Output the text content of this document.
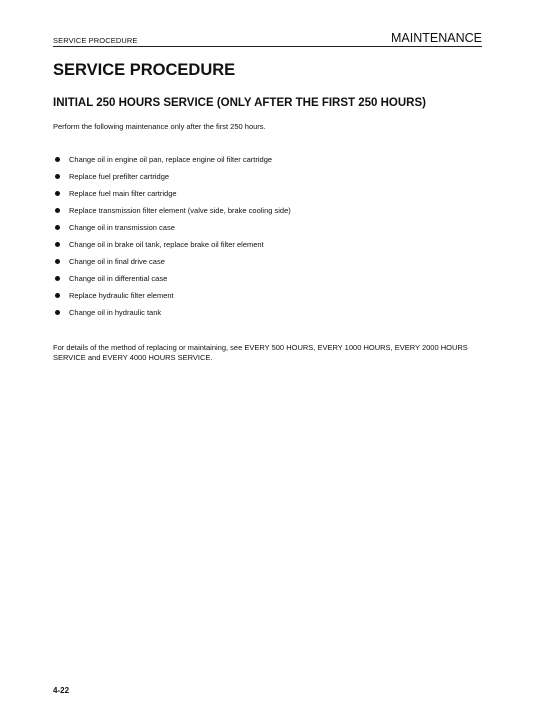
SERVICE PROCEDURE	MAINTENANCE
SERVICE PROCEDURE
INITIAL 250 HOURS SERVICE (ONLY AFTER THE FIRST 250 HOURS)

Perform the following maintenance only after the first 250 hours.

Change oil in engine oil pan, replace engine oil filter cartridge
Replace fuel prefilter cartridge
Replace fuel main filter cartridge
Replace transmission filter element (valve side, brake cooling side)
Change oil in transmission case
Change oil in brake oil tank, replace brake oil filter element
Change oil in final drive case
Change oil in differential case
Replace hydraulic filter element
Change oil in hydraulic tank

For details of the method of replacing or maintaining, see EVERY 500 HOURS, EVERY 1000 HOURS, EVERY 2000 HOURS SERVICE and EVERY 4000 HOURS SERVICE.

4-22
